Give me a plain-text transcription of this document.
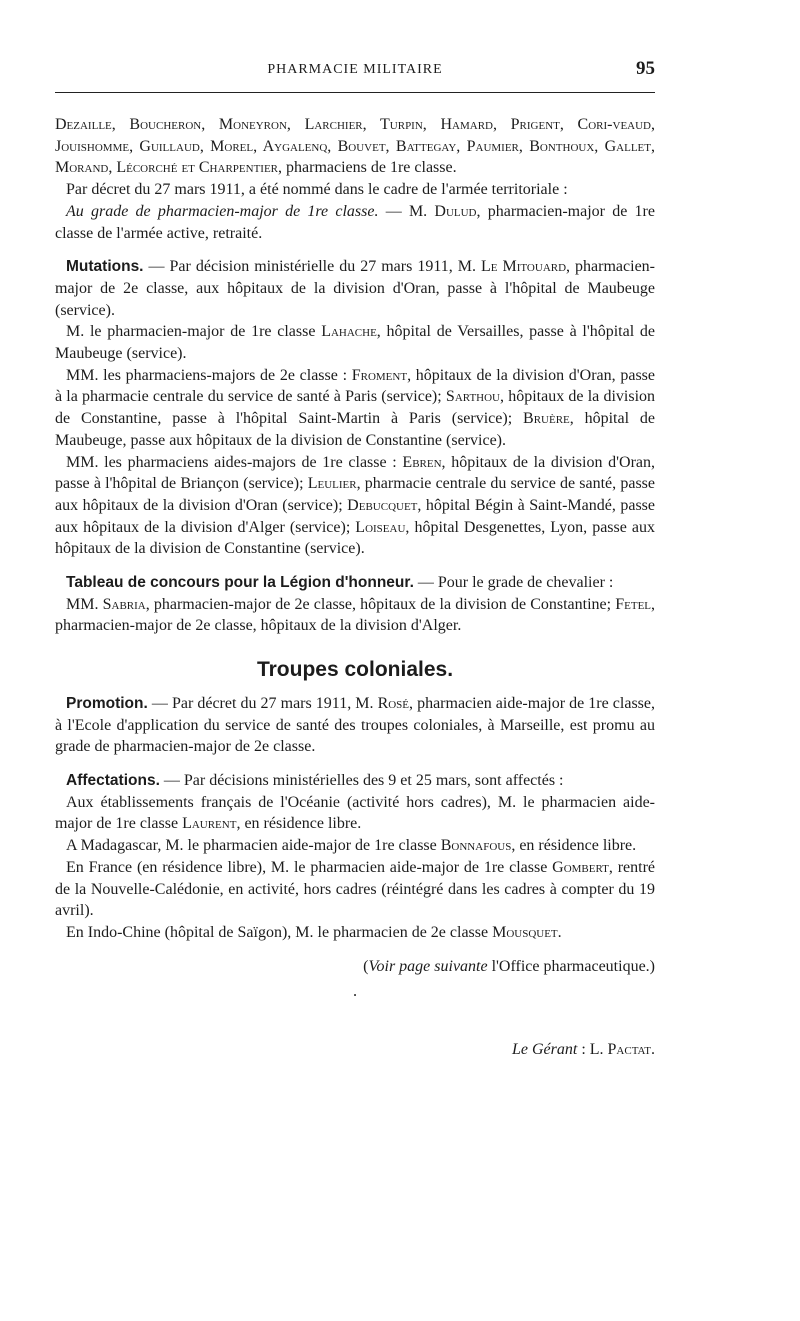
PHARMACIE MILITAIRE	95

Dezaille, Boucheron, Moneyron, Larchier, Turpin, Hamard, Prigent, Cori-veaud, Jouishomme, Guillaud, Morel, Aygalenq, Bouvet, Battegay, Paumier, Bonthoux, Gallet, Morand, Lécorché et Charpentier, pharmaciens de 1re classe.

Par décret du 27 mars 1911, a été nommé dans le cadre de l'armée territoriale :

Au grade de pharmacien-major de 1re classe. — M. Dulud, pharmacien-major de 1re classe de l'armée active, retraité.

Mutations. — Par décision ministérielle du 27 mars 1911, M. Le Mitouard, pharmacien-major de 2e classe, aux hôpitaux de la division d'Oran, passe à l'hôpital de Maubeuge (service).

M. le pharmacien-major de 1re classe Lahache, hôpital de Versailles, passe à l'hôpital de Maubeuge (service).

MM. les pharmaciens-majors de 2e classe : Froment, hôpitaux de la division d'Oran, passe à la pharmacie centrale du service de santé à Paris (service); Sarthou, hôpitaux de la division de Constantine, passe à l'hôpital Saint-Martin à Paris (service); Bruère, hôpital de Maubeuge, passe aux hôpitaux de la division de Constantine (service).

MM. les pharmaciens aides-majors de 1re classe : Ebren, hôpitaux de la division d'Oran, passe à l'hôpital de Briançon (service); Leulier, pharmacie centrale du service de santé, passe aux hôpitaux de la division d'Oran (service); Debucquet, hôpital Bégin à Saint-Mandé, passe aux hôpitaux de la division d'Alger (service); Loiseau, hôpital Desgenettes, Lyon, passe aux hôpitaux de la division de Constantine (service).

Tableau de concours pour la Légion d'honneur. — Pour le grade de chevalier :

MM. Sabria, pharmacien-major de 2e classe, hôpitaux de la division de Constantine; Fetel, pharmacien-major de 2e classe, hôpitaux de la division d'Alger.

Troupes coloniales.

Promotion. — Par décret du 27 mars 1911, M. Rosé, pharmacien aide-major de 1re classe, à l'Ecole d'application du service de santé des troupes coloniales, à Marseille, est promu au grade de pharmacien-major de 2e classe.

Affectations. — Par décisions ministérielles des 9 et 25 mars, sont affectés :

Aux établissements français de l'Océanie (activité hors cadres), M. le pharmacien aide-major de 1re classe Laurent, en résidence libre.

A Madagascar, M. le pharmacien aide-major de 1re classe Bonnafous, en résidence libre.

En France (en résidence libre), M. le pharmacien aide-major de 1re classe Gombert, rentré de la Nouvelle-Calédonie, en activité, hors cadres (réintégré dans les cadres à compter du 19 avril).

En Indo-Chine (hôpital de Saïgon), M. le pharmacien de 2e classe Mousquet.

(Voir page suivante l'Office pharmaceutique.)

•

Le Gérant : L. Pactat.
